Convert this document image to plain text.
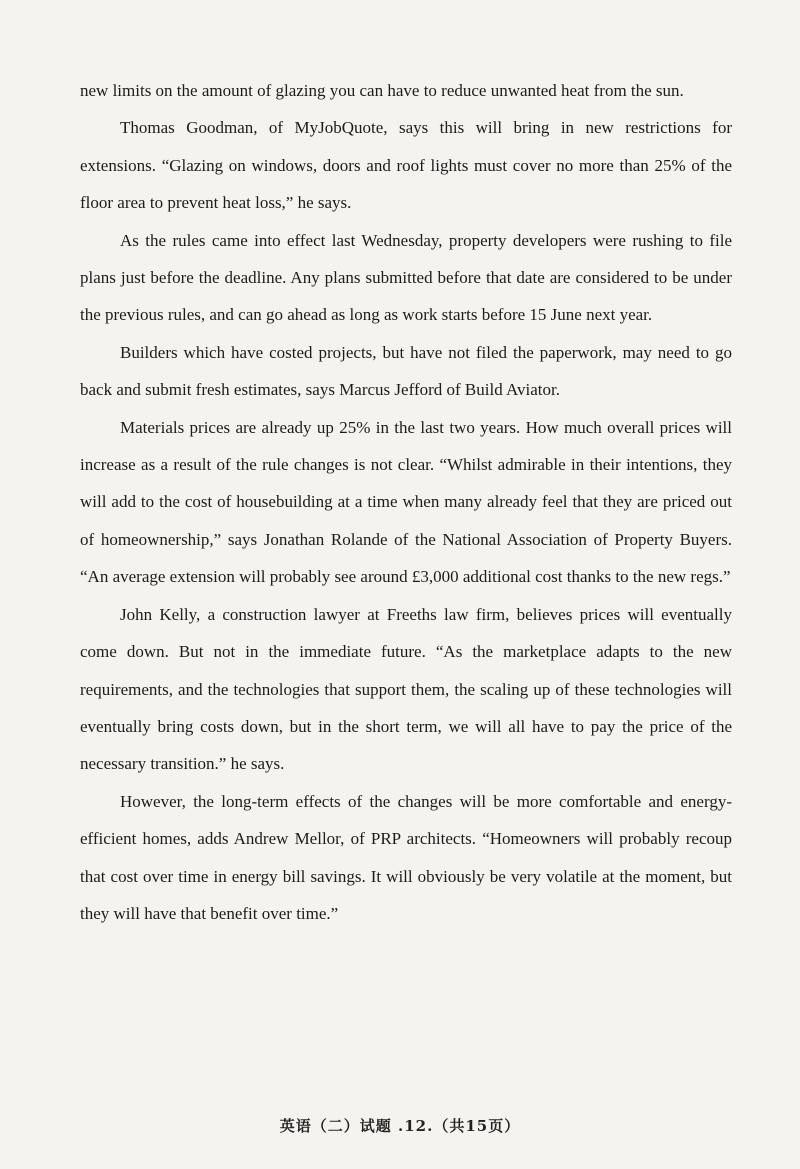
new limits on the amount of glazing you can have to reduce unwanted heat from the sun.

Thomas Goodman, of MyJobQuote, says this will bring in new restrictions for extensions. “Glazing on windows, doors and roof lights must cover no more than 25% of the floor area to prevent heat loss,” he says.

As the rules came into effect last Wednesday, property developers were rushing to file plans just before the deadline. Any plans submitted before that date are considered to be under the previous rules, and can go ahead as long as work starts before 15 June next year.

Builders which have costed projects, but have not filed the paperwork, may need to go back and submit fresh estimates, says Marcus Jefford of Build Aviator.

Materials prices are already up 25% in the last two years. How much overall prices will increase as a result of the rule changes is not clear. “Whilst admirable in their intentions, they will add to the cost of housebuilding at a time when many already feel that they are priced out of homeownership,” says Jonathan Rolande of the National Association of Property Buyers. “An average extension will probably see around £3,000 additional cost thanks to the new regs.”

John Kelly, a construction lawyer at Freeths law firm, believes prices will eventually come down. But not in the immediate future. “As the marketplace adapts to the new requirements, and the technologies that support them, the scaling up of these technologies will eventually bring costs down, but in the short term, we will all have to pay the price of the necessary transition.” he says.

However, the long-term effects of the changes will be more comfortable and energy-efficient homes, adds Andrew Mellor, of PRP architects. “Homeowners will probably recoup that cost over time in energy bill savings. It will obviously be very volatile at the moment, but they will have that benefit over time.”

英语（二）试题 .12.（共15页）
